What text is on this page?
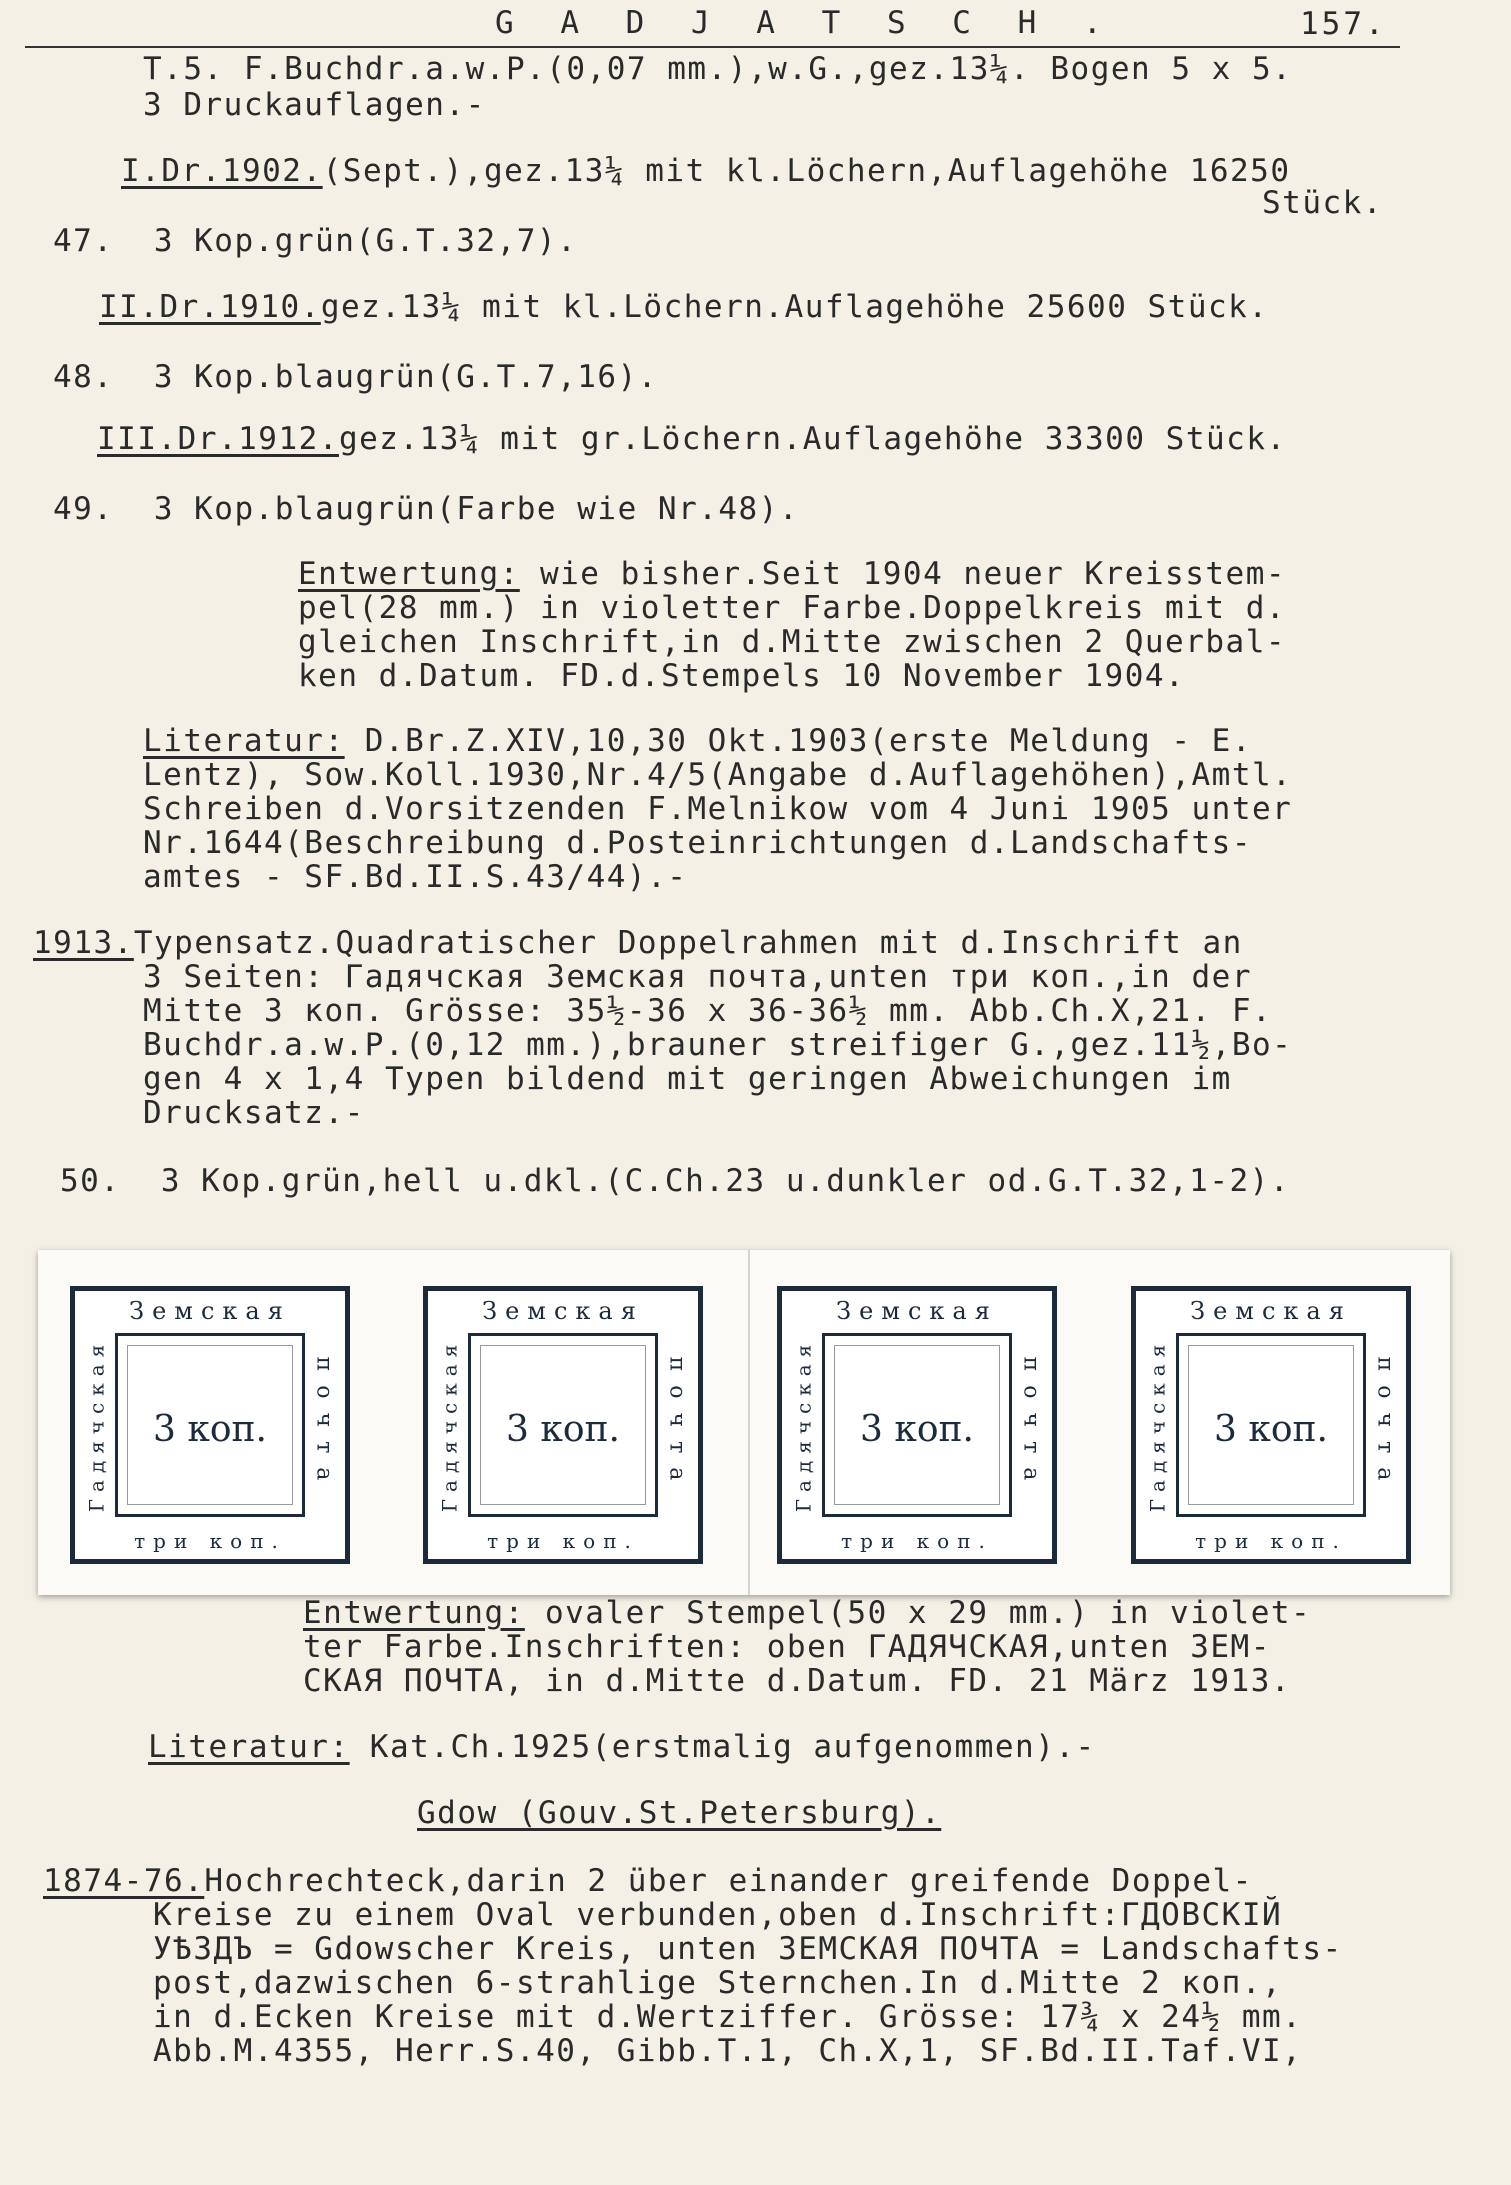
G A D J A T S C H .	157.
T.5. F.Buchdr.a.w.P.(0,07 mm.),w.G.,gez.13¼. Bogen 5 x 5.
3 Druckauflagen.-
I.Dr.1902.(Sept.),gez.13¼ mit kl.Löchern,Auflagehöhe 16250
Stück.
47.  3 Kop.grün(G.T.32,7).
II.Dr.1910.gez.13¼ mit kl.Löchern.Auflagehöhe 25600 Stück.
48.  3 Kop.blaugrün(G.T.7,16).
III.Dr.1912.gez.13¼ mit gr.Löchern.Auflagehöhe 33300 Stück.
49.  3 Kop.blaugrün(Farbe wie Nr.48).
Entwertung: wie bisher.Seit 1904 neuer Kreisstem-
pel(28 mm.) in violetter Farbe.Doppelkreis mit d.
gleichen Inschrift,in d.Mitte zwischen 2 Querbal-
ken d.Datum. FD.d.Stempels 10 November 1904.
Literatur: D.Br.Z.XIV,10,30 Okt.1903(erste Meldung - E.
Lentz), Sow.Koll.1930,Nr.4/5(Angabe d.Auflagehöhen),Amtl.
Schreiben d.Vorsitzenden F.Melnikow vom 4 Juni 1905 unter
Nr.1644(Beschreibung d.Posteinrichtungen d.Landschafts-
amtes - SF.Bd.II.S.43/44).-
1913.Typensatz.Quadratischer Doppelrahmen mit d.Inschrift an
3 Seiten: Гадячская Земская почта,unten три коп.,in der
Mitte 3 коп. Grösse: 35½-36 x 36-36½ mm. Abb.Ch.X,21. F.
Buchdr.a.w.P.(0,12 mm.),brauner streifiger G.,gez.11½,Bo-
gen 4 x 1,4 Typen bildend mit geringen Abweichungen im
Drucksatz.-
50.  3 Kop.grün,hell u.dkl.(C.Ch.23 u.dunkler od.G.T.32,1-2).
Entwertung: ovaler Stempel(50 x 29 mm.) in violet-
ter Farbe.Inschriften: oben ГАДЯЧСКАЯ,unten ЗЕМ-
СКАЯ ПОЧТА, in d.Mitte d.Datum. FD. 21 März 1913.
Literatur: Kat.Ch.1925(erstmalig aufgenommen).-
Gdow (Gouv.St.Petersburg).
1874-76.Hochrechteck,darin 2 über einander greifende Doppel-
Kreise zu einem Oval verbunden,oben d.Inschrift:ГДОВСКІЙ
УѢЗДЪ = Gdowscher Kreis, unten ЗЕМСКАЯ ПОЧТА = Landschafts-
post,dazwischen 6-strahlige Sternchen.In d.Mitte 2 коп.,
in d.Ecken Kreise mit d.Wertziffer. Grösse: 17¾ x 24½ mm.
Abb.M.4355, Herr.S.40, Gibb.T.1, Ch.X,1, SF.Bd.II.Taf.VI,
Земская
три коп.
Гадячская	почта
3 коп.
Земская
три коп.
Гадячская	почта
3 коп.
Земская
три коп.
Гадячская	почта
3 коп.
Земская
три коп.
Гадячская	почта
3 коп.
